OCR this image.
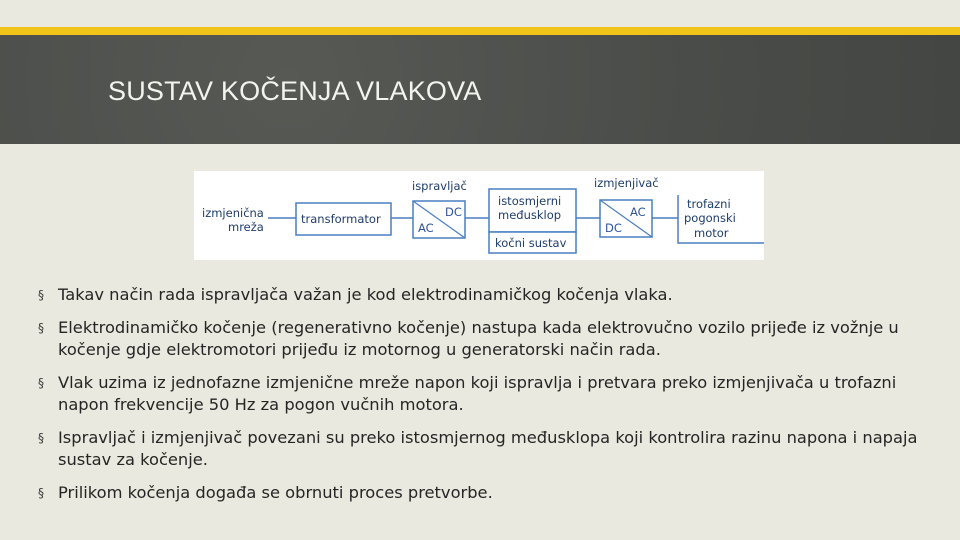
SUSTAV KOČENJA VLAKOVA
izmjenična
mreža
transformator
ispravljač
DC
AC
istosmjerni
međusklop
kočni sustav
izmjenjivač
AC
DC
trofazni
pogonski
motor
§ Takav način rada ispravljača važan je kod elektrodinamičkog kočenja vlaka.
§ Elektrodinamičko kočenje (regenerativno kočenje) nastupa kada elektrovučno vozilo prijeđe iz vožnje u kočenje gdje elektromotori prijeđu iz motornog u generatorski način rada.
§ Vlak uzima iz jednofazne izmjenične mreže napon koji ispravlja i pretvara preko izmjenjivača u trofazni napon frekvencije 50 Hz za pogon vučnih motora.
§ Ispravljač i izmjenjivač povezani su preko istosmjernog međusklopa koji kontrolira razinu napona i napaja sustav za kočenje.
§ Prilikom kočenja događa se obrnuti proces pretvorbe.
